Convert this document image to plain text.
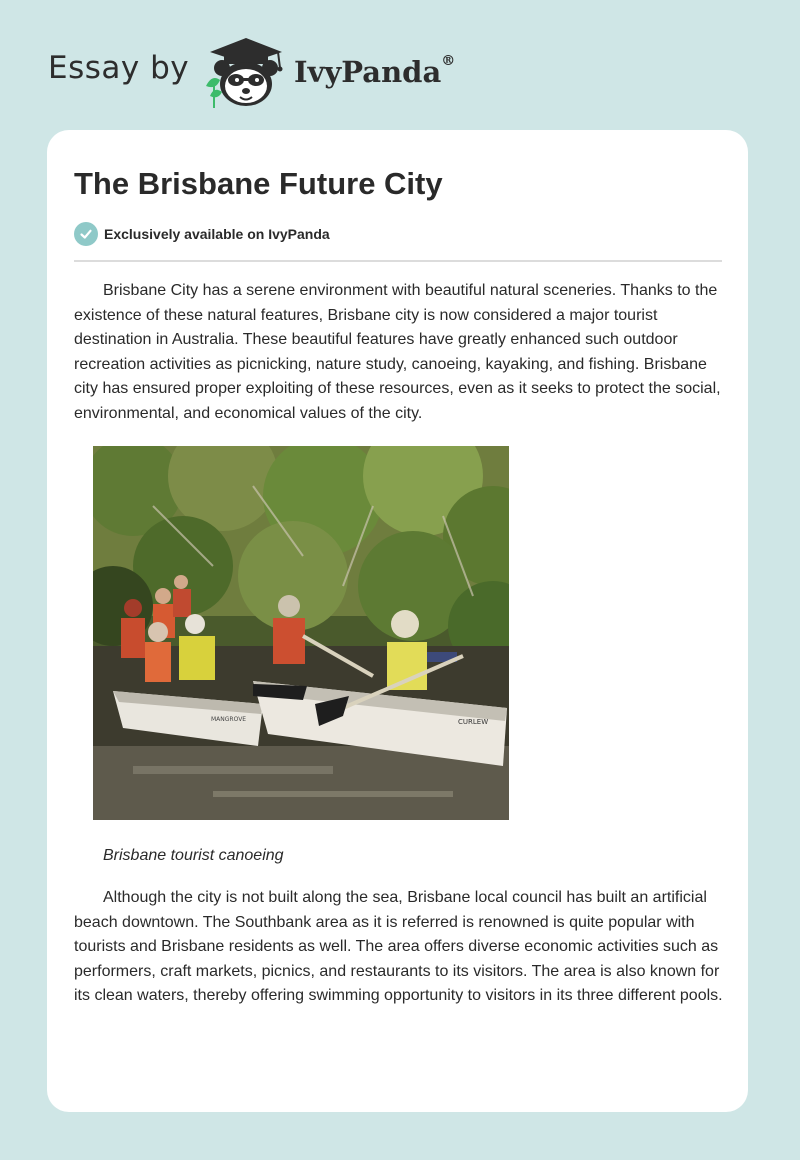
Essay by	IvyPanda®
The Brisbane Future City
Exclusively available on IvyPanda

Brisbane City has a serene environment with beautiful natural sceneries. Thanks to the existence of these natural features, Brisbane city is now considered a major tourist destination in Australia. These beautiful features have greatly enhanced such outdoor recreation activities as picnicking, nature study, canoeing, kayaking, and fishing. Brisbane city has ensured proper exploiting of these resources, even as it seeks to protect the social, environmental, and economical values of the city.

MANGROVE	CURLEW

Brisbane tourist canoeing

Although the city is not built along the sea, Brisbane local council has built an artificial beach downtown. The Southbank area as it is referred is renowned is quite popular with tourists and Brisbane residents as well. The area offers diverse economic activities such as performers, craft markets, picnics, and restaurants to its visitors. The area is also known for its clean waters, thereby offering swimming opportunity to visitors in its three different pools.
